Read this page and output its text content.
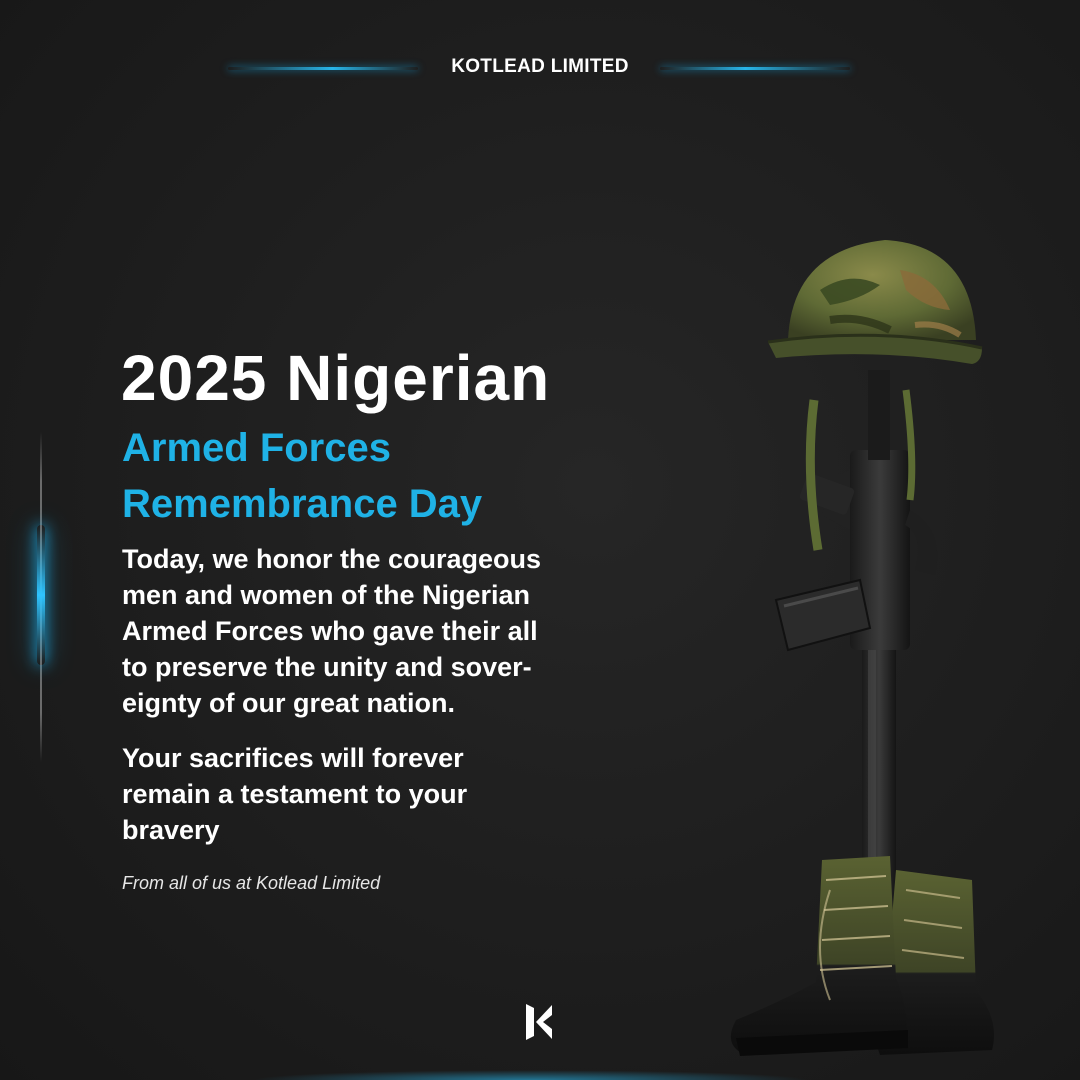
KOTLEAD LIMITED
2025 Nigerian
Armed Forces
Remembrance Day

Today, we honor the courageous
men and women of the Nigerian
Armed Forces who gave their all
to preserve the unity and sover-
eignty of our great nation.

Your sacrifices will forever
remain a testament to your
bravery

From all of us at Kotlead Limited
